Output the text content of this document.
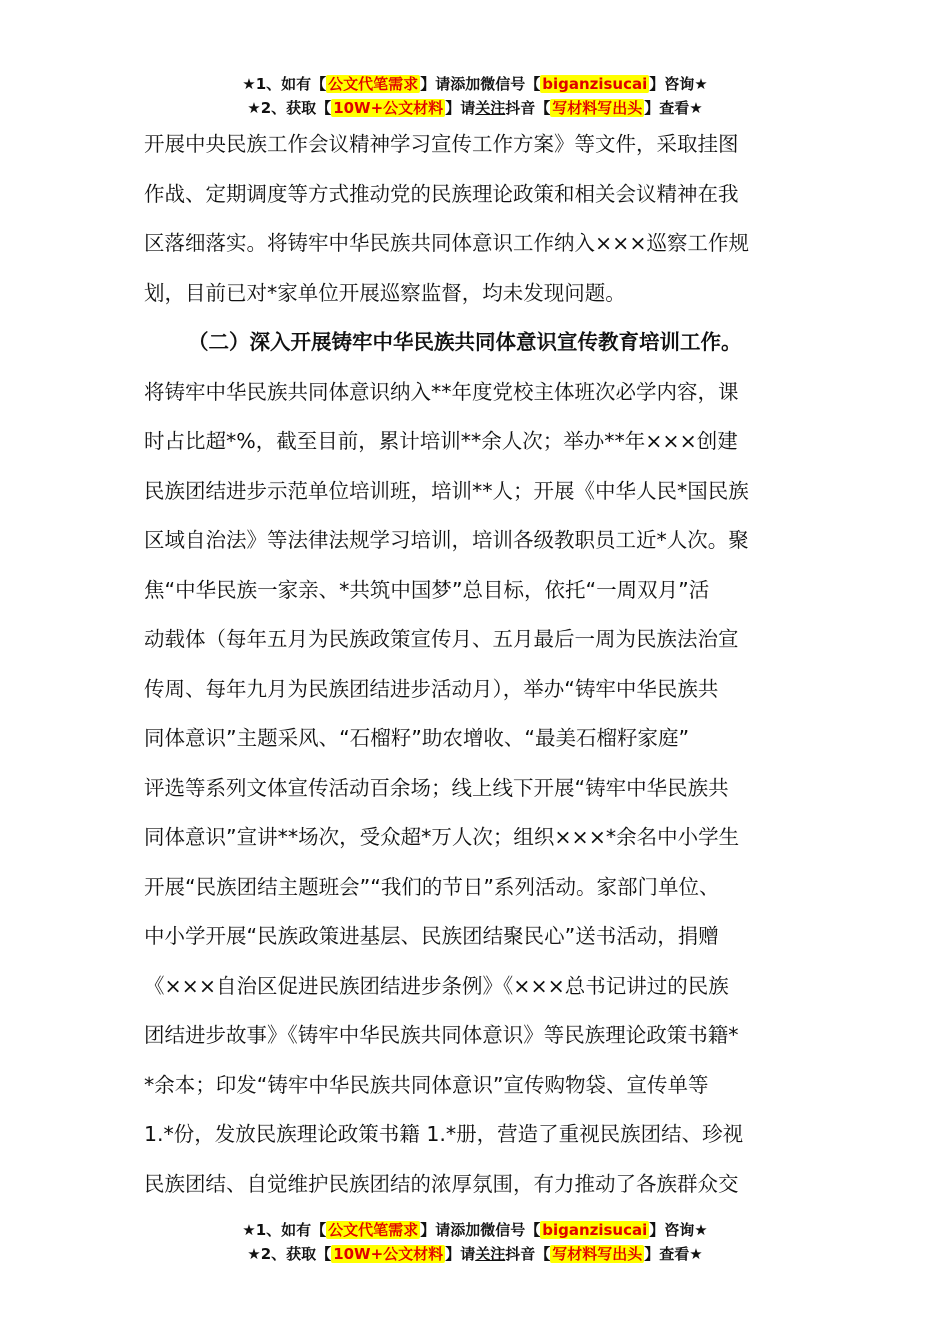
★1、如有【 公文代笔需求 】请添加微信号【 biganzisucai 】咨询★
★2、获取【 10W+公文材料 】请关注抖音【 写材料写出头 】查看★
开展中央民族工作会议精神学习宣传工作方案》等文件，采取挂图
作战、定期调度等方式推动党的民族理论政策和相关会议精神在我
区落细落实。将铸牢中华民族共同体意识工作纳入×××巡察工作规
划，目前已对*家单位开展巡察监督，均未发现问题。
（二）深入开展铸牢中华民族共同体意识宣传教育培训工作。
将铸牢中华民族共同体意识纳入**年度党校主体班次必学内容，课
时占比超*%，截至目前，累计培训**余人次；举办**年×××创建
民族团结进步示范单位培训班，培训**人；开展《中华人民*国民族
区域自治法》等法律法规学习培训，培训各级教职员工近*人次。聚
焦“中华民族一家亲、*共筑中国梦”总目标，依托“一周双月”活
动载体（每年五月为民族政策宣传月、五月最后一周为民族法治宣
传周、每年九月为民族团结进步活动月），举办“铸牢中华民族共
同体意识”主题采风、“石榴籽”助农增收、“最美石榴籽家庭”
评选等系列文体宣传活动百余场；线上线下开展“铸牢中华民族共
同体意识”宣讲**场次，受众超*万人次；组织×××*余名中小学生
开展“民族团结主题班会”“我们的节日”系列活动。家部门单位、
中小学开展“民族政策进基层、民族团结聚民心”送书活动，捐赠
《×××自治区促进民族团结进步条例》《×××总书记讲过的民族
团结进步故事》《铸牢中华民族共同体意识》等民族理论政策书籍*
*余本；印发“铸牢中华民族共同体意识”宣传购物袋、宣传单等
1.*份，发放民族理论政策书籍 1.*册，营造了重视民族团结、珍视
民族团结、自觉维护民族团结的浓厚氛围，有力推动了各族群众交
★1、如有【 公文代笔需求 】请添加微信号【 biganzisucai 】咨询★
★2、获取【 10W+公文材料 】请关注抖音【 写材料写出头 】查看★
